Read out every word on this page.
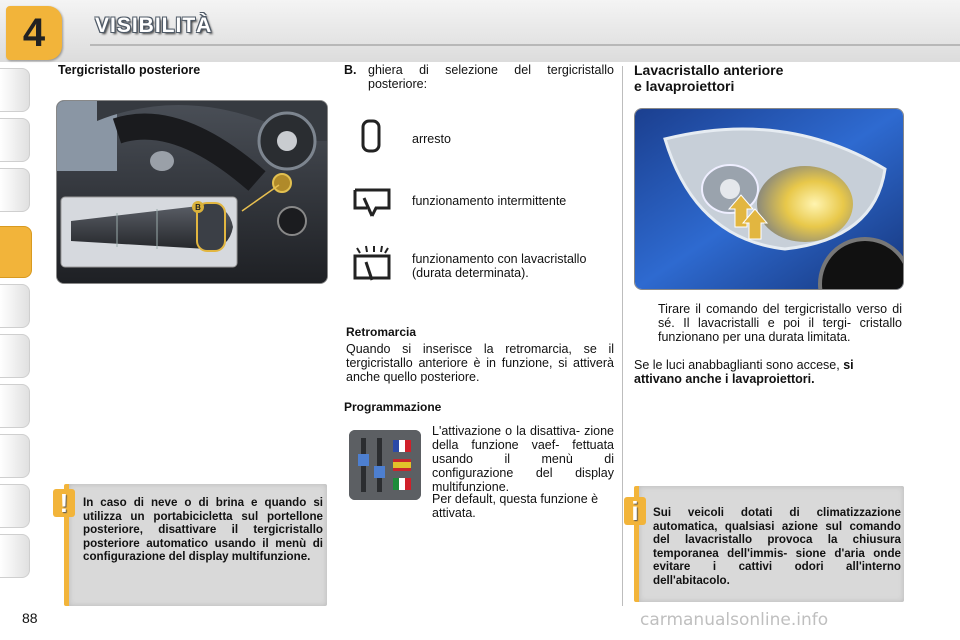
4 VISIBILITÀ
Tergicristallo posteriore
B
In caso di neve o di brina e quando si utilizza un portabicicletta sul portellone posteriore, disattivare il tergicristallo posteriore automatico usando il menù di configurazione del display multifunzione.
!
B. ghiera di selezione del tergicristallo posteriore:
arresto
funzionamento intermittente
funzionamento con lavacristallo (durata determinata).
Retromarcia
Quando si inserisce la retromarcia, se il tergicristallo anteriore è in funzione, si attiverà anche quello posteriore.
Programmazione
L'attivazione o la disattiva- zione della funzione vaef- fettuata usando il menù di configurazione del display multifunzione.
Per default, questa funzione è attivata.
Lavacristallo anteriore
e lavaproiettori
Tirare il comando del tergicristallo verso di sé. Il lavacristalli e poi il tergi- cristallo funzionano per una durata limitata.
Se le luci anabbaglianti sono accese, si
attivano anche i lavaproiettori.
Sui veicoli dotati di climatizzazione automatica, qualsiasi azione sul comando del lavacristallo provoca la chiusura temporanea dell'immis- sione d'aria onde evitare i cattivi odori all'interno dell'abitacolo.
i
88	carmanualsonline.info
